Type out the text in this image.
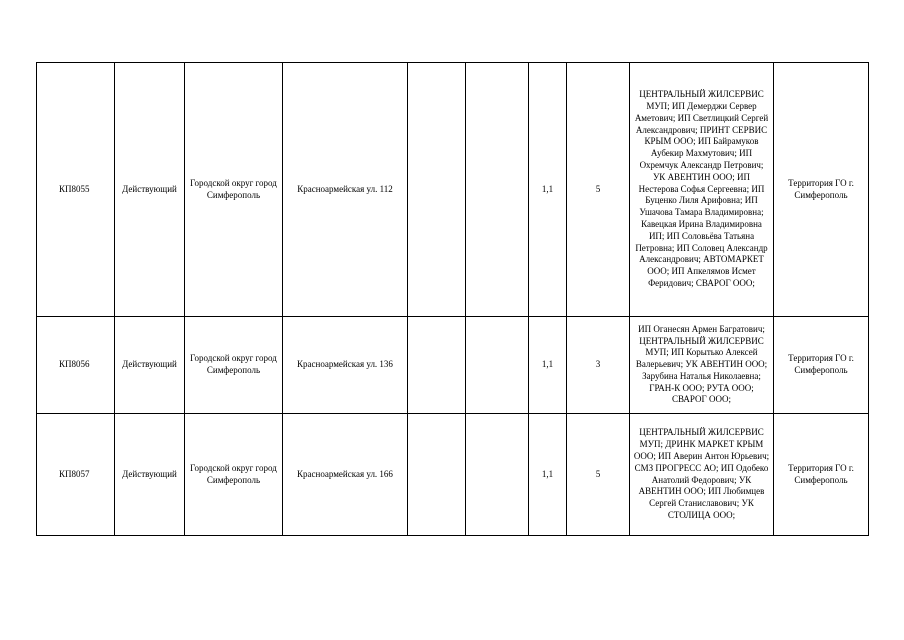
КП8055	Действующий	Городской округ город Симферополь	Красноармейская ул. 112			1,1	5	ЦЕНТРАЛЬНЫЙ ЖИЛСЕРВИС МУП; ИП Демерджи Сервер Аметович; ИП Светлицкий Сергей Александрович; ПРИНТ СЕРВИС КРЫМ ООО; ИП Байрамуков Аубекир Махмутович; ИП Охремчук Александр Петрович; УК АВЕНТИН ООО; ИП Нестерова Софья Сергеевна; ИП Буценко Лиля Арифовна; ИП Ушачова Тамара Владимировна; Кавецкая Ирина Владимировна ИП; ИП Соловьёва Татьяна Петровна; ИП Соловец Александр Александрович; АВТОМАРКЕТ ООО; ИП Апкелямов Исмет Феридович; СВАРОГ ООО;	Территория ГО г. Симферополь
КП8056	Действующий	Городской округ город Симферополь	Красноармейская ул. 136			1,1	3	ИП Оганесян Армен Багратович; ЦЕНТРАЛЬНЫЙ ЖИЛСЕРВИС МУП; ИП Корытько Алексей Валерьевич; УК АВЕНТИН ООО; Зарубина Наталья Николаевна; ГРАН-К ООО; РУТА ООО; СВАРОГ ООО;	Территория ГО г. Симферополь
КП8057	Действующий	Городской округ город Симферополь	Красноармейская ул. 166			1,1	5	ЦЕНТРАЛЬНЫЙ ЖИЛСЕРВИС МУП; ДРИНК МАРКЕТ КРЫМ ООО; ИП Аверин Антон Юрьевич; СМЗ ПРОГРЕСС АО; ИП Одобеко Анатолий Федорович; УК АВЕНТИН ООО; ИП Любимцев Сергей Станиславович; УК СТОЛИЦА ООО;	Территория ГО г. Симферополь
